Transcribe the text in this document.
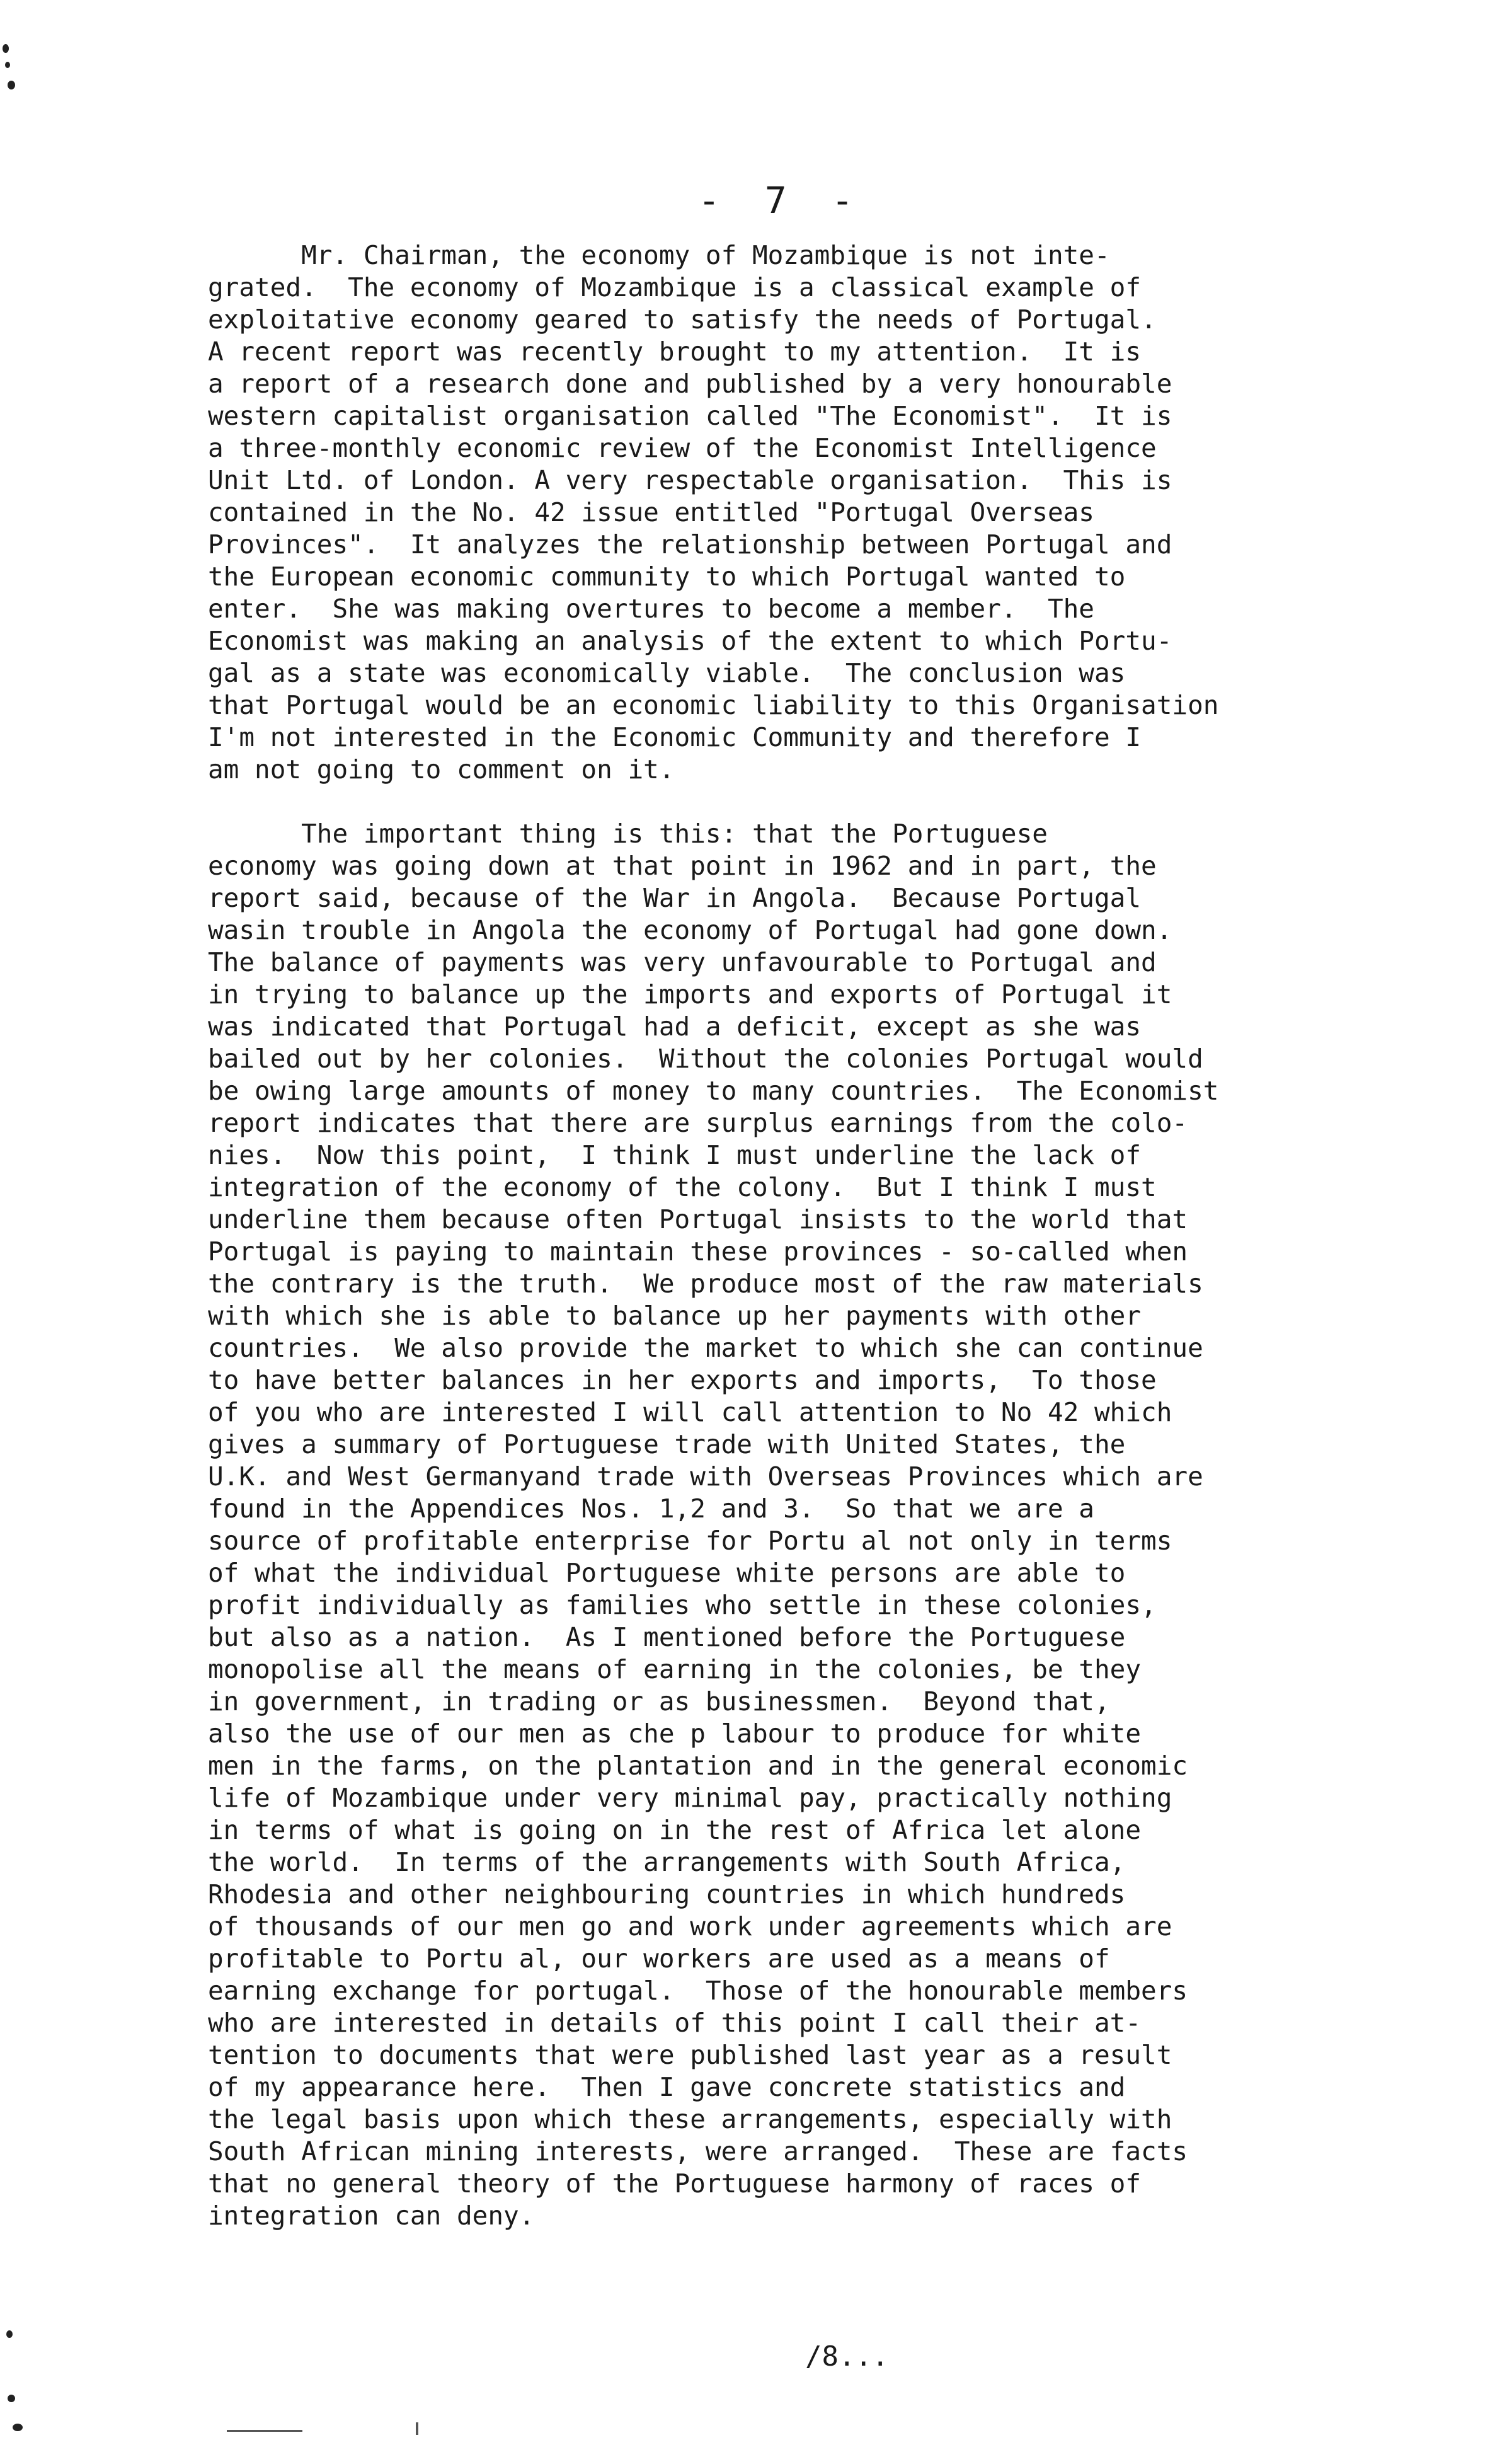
- 7 -
Mr. Chairman, the economy of Mozambique is not inte-
grated.  The economy of Mozambique is a classical example of
exploitative economy geared to satisfy the needs of Portugal.
A recent report was recently brought to my attention.  It is
a report of a research done and published by a very honourable
western capitalist organisation called "The Economist".  It is
a three-monthly economic review of the Economist Intelligence
Unit Ltd. of London. A very respectable organisation.  This is
contained in the No. 42 issue entitled "Portugal Overseas
Provinces".  It analyzes the relationship between Portugal and
the European economic community to which Portugal wanted to
enter.  She was making overtures to become a member.  The
Economist was making an analysis of the extent to which Portu-
gal as a state was economically viable.  The conclusion was
that Portugal would be an economic liability to this Organisation
I'm not interested in the Economic Community and therefore I
am not going to comment on it.
The important thing is this: that the Portuguese
economy was going down at that point in 1962 and in part, the
report said, because of the War in Angola.  Because Portugal
wasin trouble in Angola the economy of Portugal had gone down.
The balance of payments was very unfavourable to Portugal and
in trying to balance up the imports and exports of Portugal it
was indicated that Portugal had a deficit, except as she was
bailed out by her colonies.  Without the colonies Portugal would
be owing large amounts of money to many countries.  The Economist
report indicates that there are surplus earnings from the colo-
nies.  Now this point,  I think I must underline the lack of
integration of the economy of the colony.  But I think I must
underline them because often Portugal insists to the world that
Portugal is paying to maintain these provinces - so-called when
the contrary is the truth.  We produce most of the raw materials
with which she is able to balance up her payments with other
countries.  We also provide the market to which she can continue
to have better balances in her exports and imports,  To those
of you who are interested I will call attention to No 42 which
gives a summary of Portuguese trade with United States, the
U.K. and West Germanyand trade with Overseas Provinces which are
found in the Appendices Nos. 1,2 and 3.  So that we are a
source of profitable enterprise for Portu al not only in terms
of what the individual Portuguese white persons are able to
profit individually as families who settle in these colonies,
but also as a nation.  As I mentioned before the Portuguese
monopolise all the means of earning in the colonies, be they
in government, in trading or as businessmen.  Beyond that,
also the use of our men as che p labour to produce for white
men in the farms, on the plantation and in the general economic
life of Mozambique under very minimal pay, practically nothing
in terms of what is going on in the rest of Africa let alone
the world.  In terms of the arrangements with South Africa,
Rhodesia and other neighbouring countries in which hundreds
of thousands of our men go and work under agreements which are
profitable to Portu al, our workers are used as a means of
earning exchange for portugal.  Those of the honourable members
who are interested in details of this point I call their at-
tention to documents that were published last year as a result
of my appearance here.  Then I gave concrete statistics and
the legal basis upon which these arrangements, especially with
South African mining interests, were arranged.  These are facts
that no general theory of the Portuguese harmony of races of
integration can deny.
/8...
